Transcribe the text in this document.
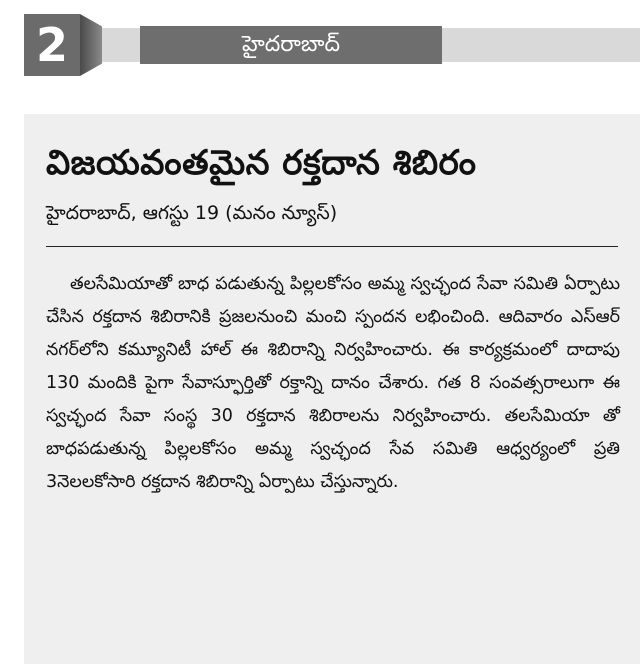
2	హైదరాబాద్
విజయవంతమైన రక్తదాన శిబిరం
హైదరాబాద్, ఆగస్టు 19 (మనం న్యూస్)
తలసేమియాతో బాధ పడుతున్న పిల్లలకోసం అమ్మ స్వచ్ఛంద సేవా సమితి ఏర్పాటు చేసిన రక్తదాన శిబిరానికి ప్రజలనుంచి మంచి స్పందన లభించింది. ఆదివారం ఎస్ఆర్ నగర్‌లోని కమ్యూనిటీ హాల్ ఈ శిబిరాన్ని నిర్వహించారు. ఈ కార్యక్రమంలో దాదాపు 130 మందికి పైగా సేవాస్ఫూర్తితో రక్తాన్ని దానం చేశారు. గత 8 సంవత్సరాలుగా ఈ స్వచ్ఛంద సేవా సంస్థ 30 రక్తదాన శిబిరాలను నిర్వహించారు. తలసేమియా తో బాధపడుతున్న పిల్లలకోసం అమ్మ స్వచ్ఛంద సేవ సమితి ఆధ్వర్యంలో ప్రతి 3నెలలకోసారి రక్తదాన శిబిరాన్ని ఏర్పాటు చేస్తున్నారు.
